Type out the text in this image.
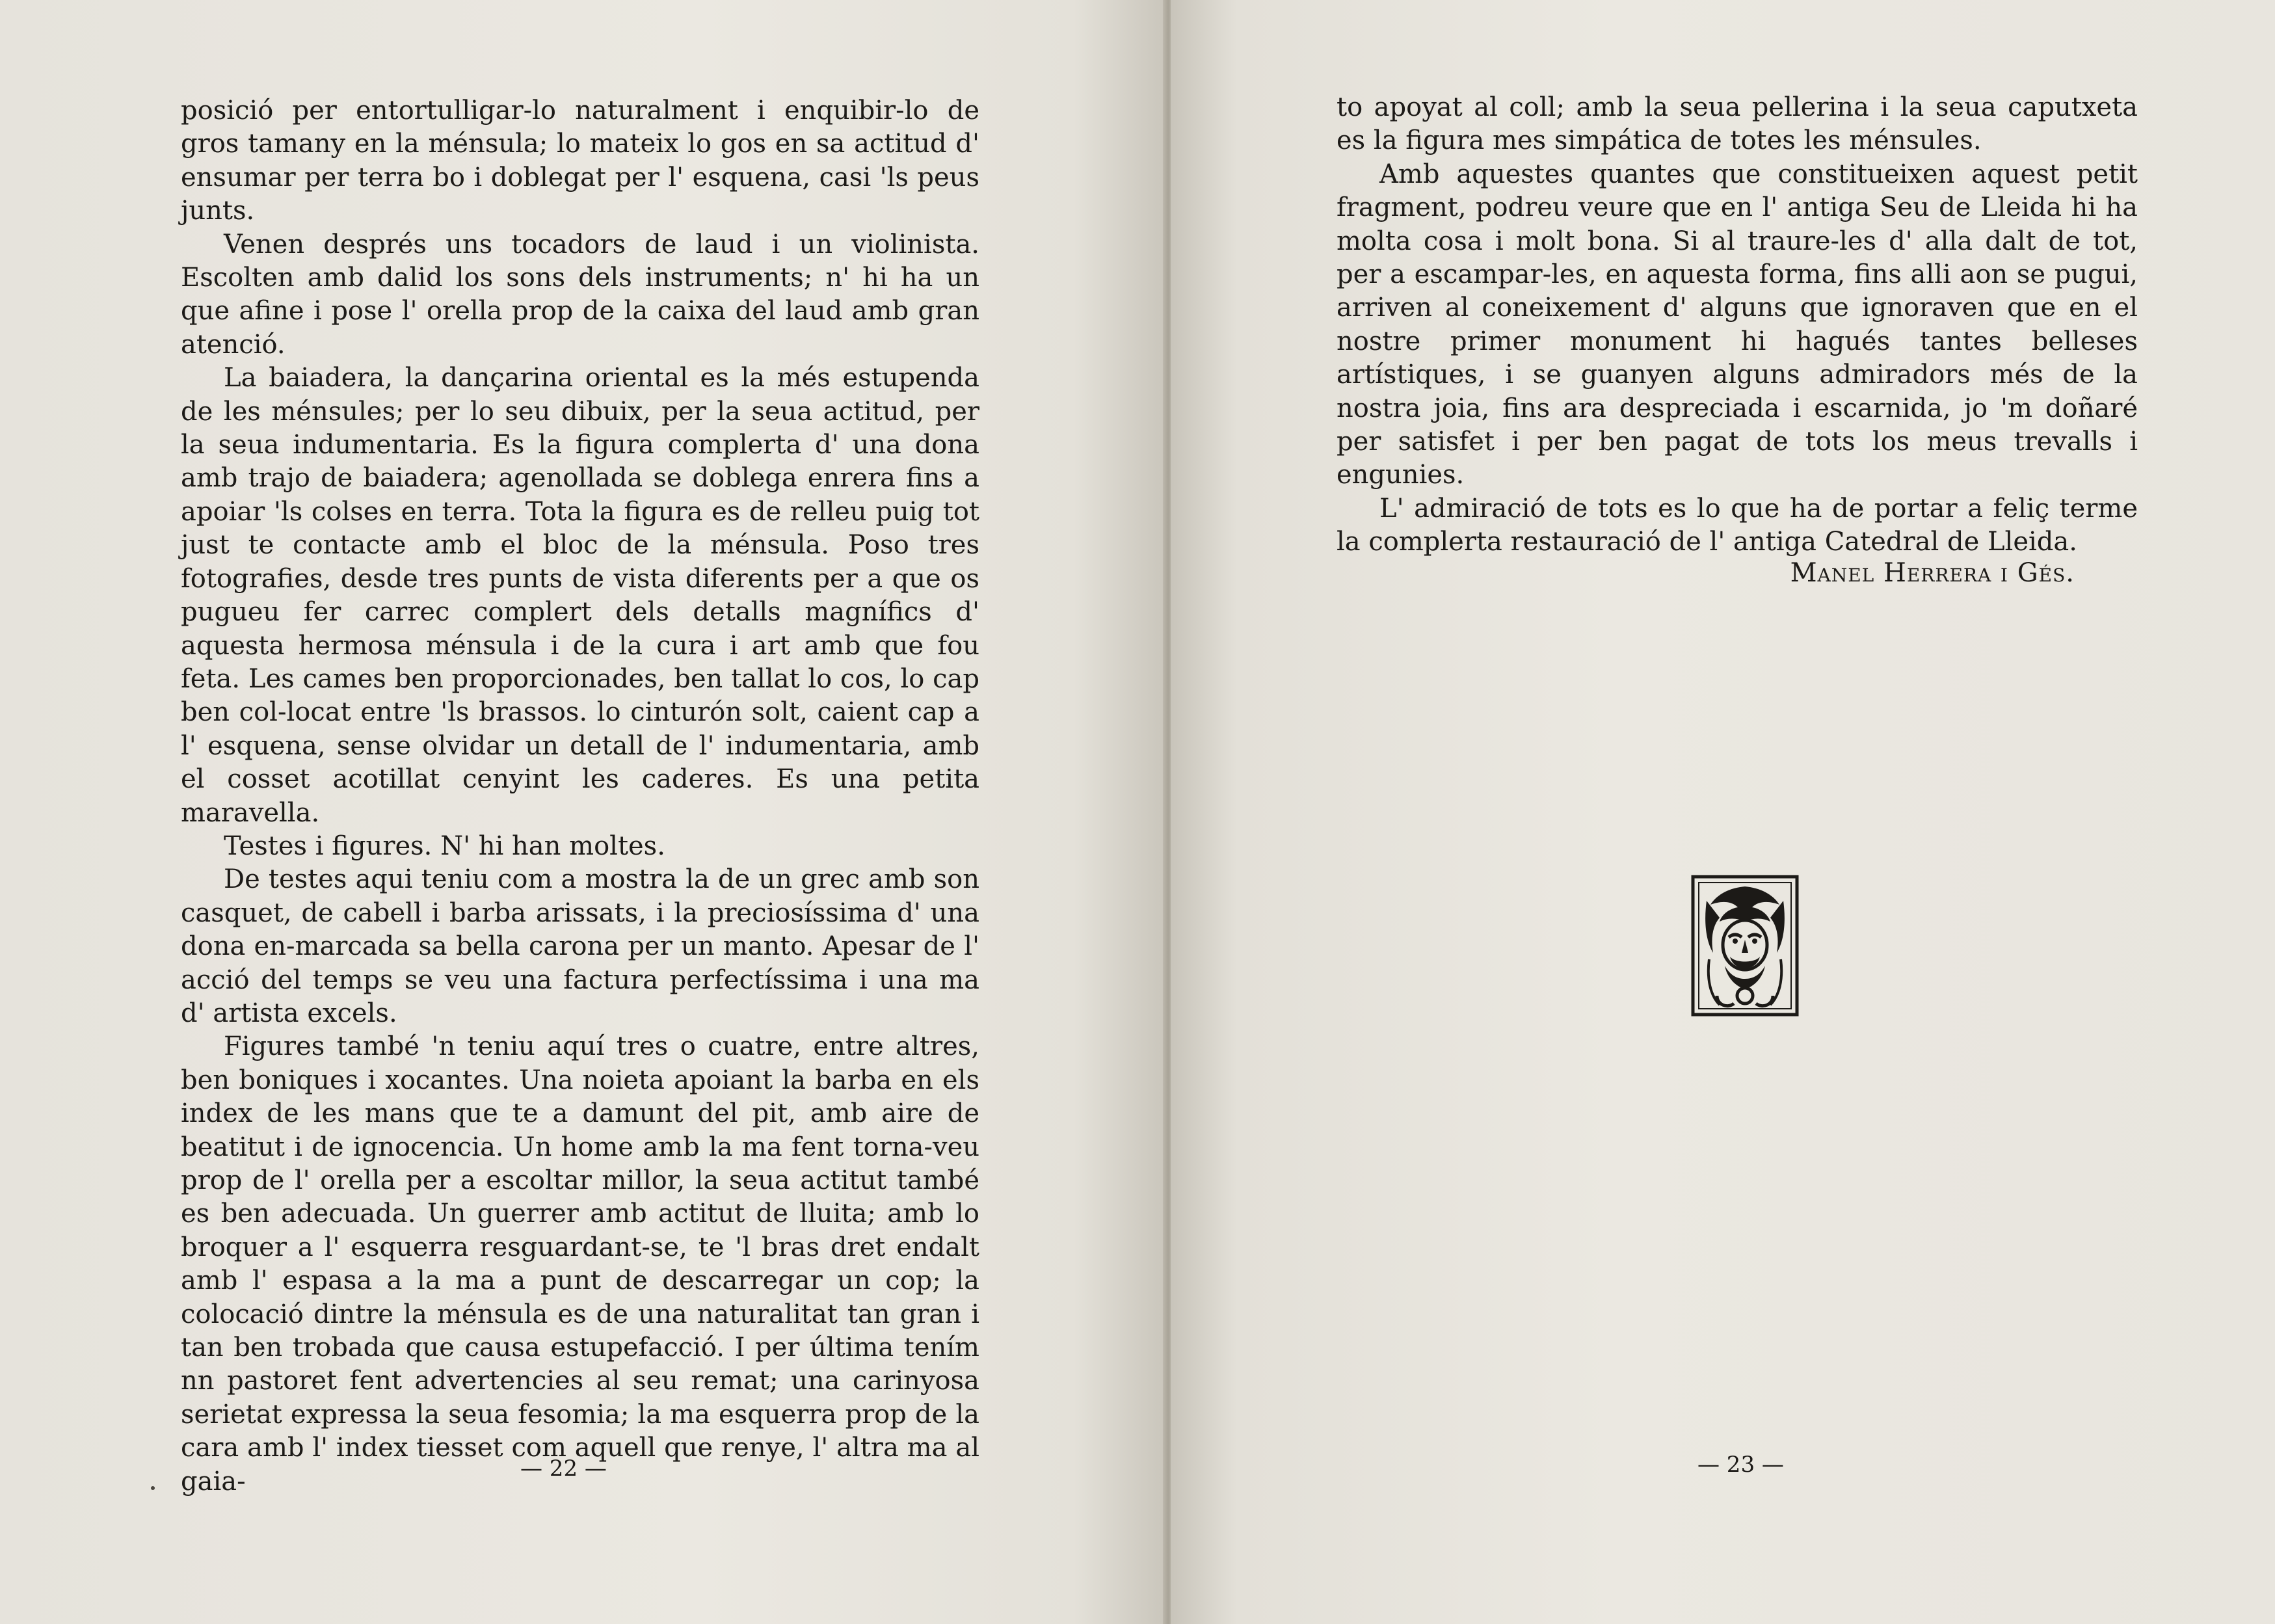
posició per entortulligar-lo naturalment i enquibir-lo de gros tamany en la ménsula; lo mateix lo gos en sa actitud d' ensumar per terra bo i doblegat per l' esquena, casi 'ls peus junts.

Venen després uns tocadors de laud i un violinista. Escolten amb dalid los sons dels instruments; n' hi ha un que afine i pose l' orella prop de la caixa del laud amb gran atenció.

La baiadera, la dançarina oriental es la més estupenda de les ménsules; per lo seu dibuix, per la seua actitud, per la seua indumentaria. Es la figura complerta d' una dona amb trajo de baiadera; agenollada se doblega enrera fins a apoiar 'ls colses en terra. Tota la figura es de relleu puig tot just te contacte amb el bloc de la ménsula. Poso tres fotografies, desde tres punts de vista diferents per a que os pugueu fer carrec complert dels detalls magnífics d' aquesta hermosa ménsula i de la cura i art amb que fou feta. Les cames ben proporcionades, ben tallat lo cos, lo cap ben col-locat entre 'ls brassos. lo cinturón solt, caient cap a l' esquena, sense olvidar un detall de l' indumentaria, amb el cosset acotillat cenyint les caderes. Es una petita maravella.

Testes i figures. N' hi han moltes.

De testes aqui teniu com a mostra la de un grec amb son casquet, de cabell i barba arissats, i la preciosíssima d' una dona en-marcada sa bella carona per un manto. Apesar de l' acció del temps se veu una factura perfectíssima i una ma d' artista excels.

Figures també 'n teniu aquí tres o cuatre, entre altres, ben boniques i xocantes. Una noieta apoiant la barba en els index de les mans que te a damunt del pit, amb aire de beatitut i de ignocencia. Un home amb la ma fent torna-veu prop de l' orella per a escoltar millor, la seua actitut també es ben adecuada. Un guerrer amb actitut de lluita; amb lo broquer a l' esquerra resguardant-se, te 'l bras dret endalt amb l' espasa a la ma a punt de descarregar un cop; la colocació dintre la ménsula es de una naturalitat tan gran i tan ben trobada que causa estupefacció. I per última tením nn pastoret fent advertencies al seu remat; una carinyosa serietat expressa la seua fesomia; la ma esquerra prop de la cara amb l' index tiesset com aquell que renye, l' altra ma al gaia-	— 22 —

to apoyat al coll; amb la seua pellerina i la seua caputxeta es la figura mes simpática de totes les ménsules.

Amb aquestes quantes que constitueixen aquest petit fragment, podreu veure que en l' antiga Seu de Lleida hi ha molta cosa i molt bona. Si al traure-les d' alla dalt de tot, per a escampar-les, en aquesta forma, fins alli aon se pugui, arriven al coneixement d' alguns que ignoraven que en el nostre primer monument hi hagués tantes belleses artístiques, i se guanyen alguns admiradors més de la nostra joia, fins ara despreciada i escarnida, jo 'm doñaré per satisfet i per ben pagat de tots los meus trevalls i engunies.

L' admiració de tots es lo que ha de portar a feliç terme la complerta restauració de l' antiga Catedral de Lleida.

Manel Herrera i Gés.
— 23 —
